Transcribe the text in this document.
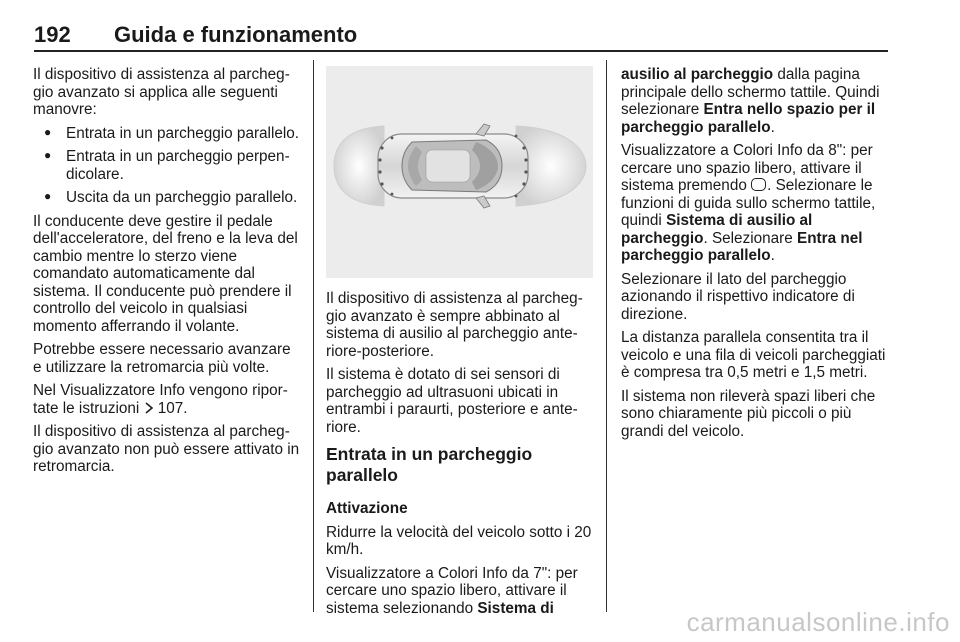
192 Guida e funzionamento

Il dispositivo di assistenza al parcheggio avanzato si applica alle seguenti manovre:

● Entrata in un parcheggio parallelo.
● Entrata in un parcheggio perpendicolare.
● Uscita da un parcheggio parallelo.

Il conducente deve gestire il pedale dell'acceleratore, del freno e la leva del cambio mentre lo sterzo viene comandato automaticamente dal sistema. Il conducente può prendere il controllo del veicolo in qualsiasi momento afferrando il volante.

Potrebbe essere necessario avanzare e utilizzare la retromarcia più volte.

Nel Visualizzatore Info vengono riportate le istruzioni 107.

Il dispositivo di assistenza al parcheggio avanzato non può essere attivato in retromarcia.

Il dispositivo di assistenza al parcheggio avanzato è sempre abbinato al sistema di ausilio al parcheggio anteriore-posteriore.

Il sistema è dotato di sei sensori di parcheggio ad ultrasuoni ubicati in entrambi i paraurti, posteriore e anteriore.

Entrata in un parcheggio parallelo

Attivazione

Ridurre la velocità del veicolo sotto i 20 km/h.

Visualizzatore a Colori Info da 7": per cercare uno spazio libero, attivare il sistema selezionando Sistema di

ausilio al parcheggio dalla pagina principale dello schermo tattile. Quindi selezionare Entra nello spazio per il parcheggio parallelo.

Visualizzatore a Colori Info da 8": per cercare uno spazio libero, attivare il sistema premendo . Selezionare le funzioni di guida sullo schermo tattile, quindi Sistema di ausilio al parcheggio. Selezionare Entra nel parcheggio parallelo.

Selezionare il lato del parcheggio azionando il rispettivo indicatore di direzione.

La distanza parallela consentita tra il veicolo e una fila di veicoli parcheggiati è compresa tra 0,5 metri e 1,5 metri.

Il sistema non rileverà spazi liberi che sono chiaramente più piccoli o più grandi del veicolo.

carmanualsonline.info
